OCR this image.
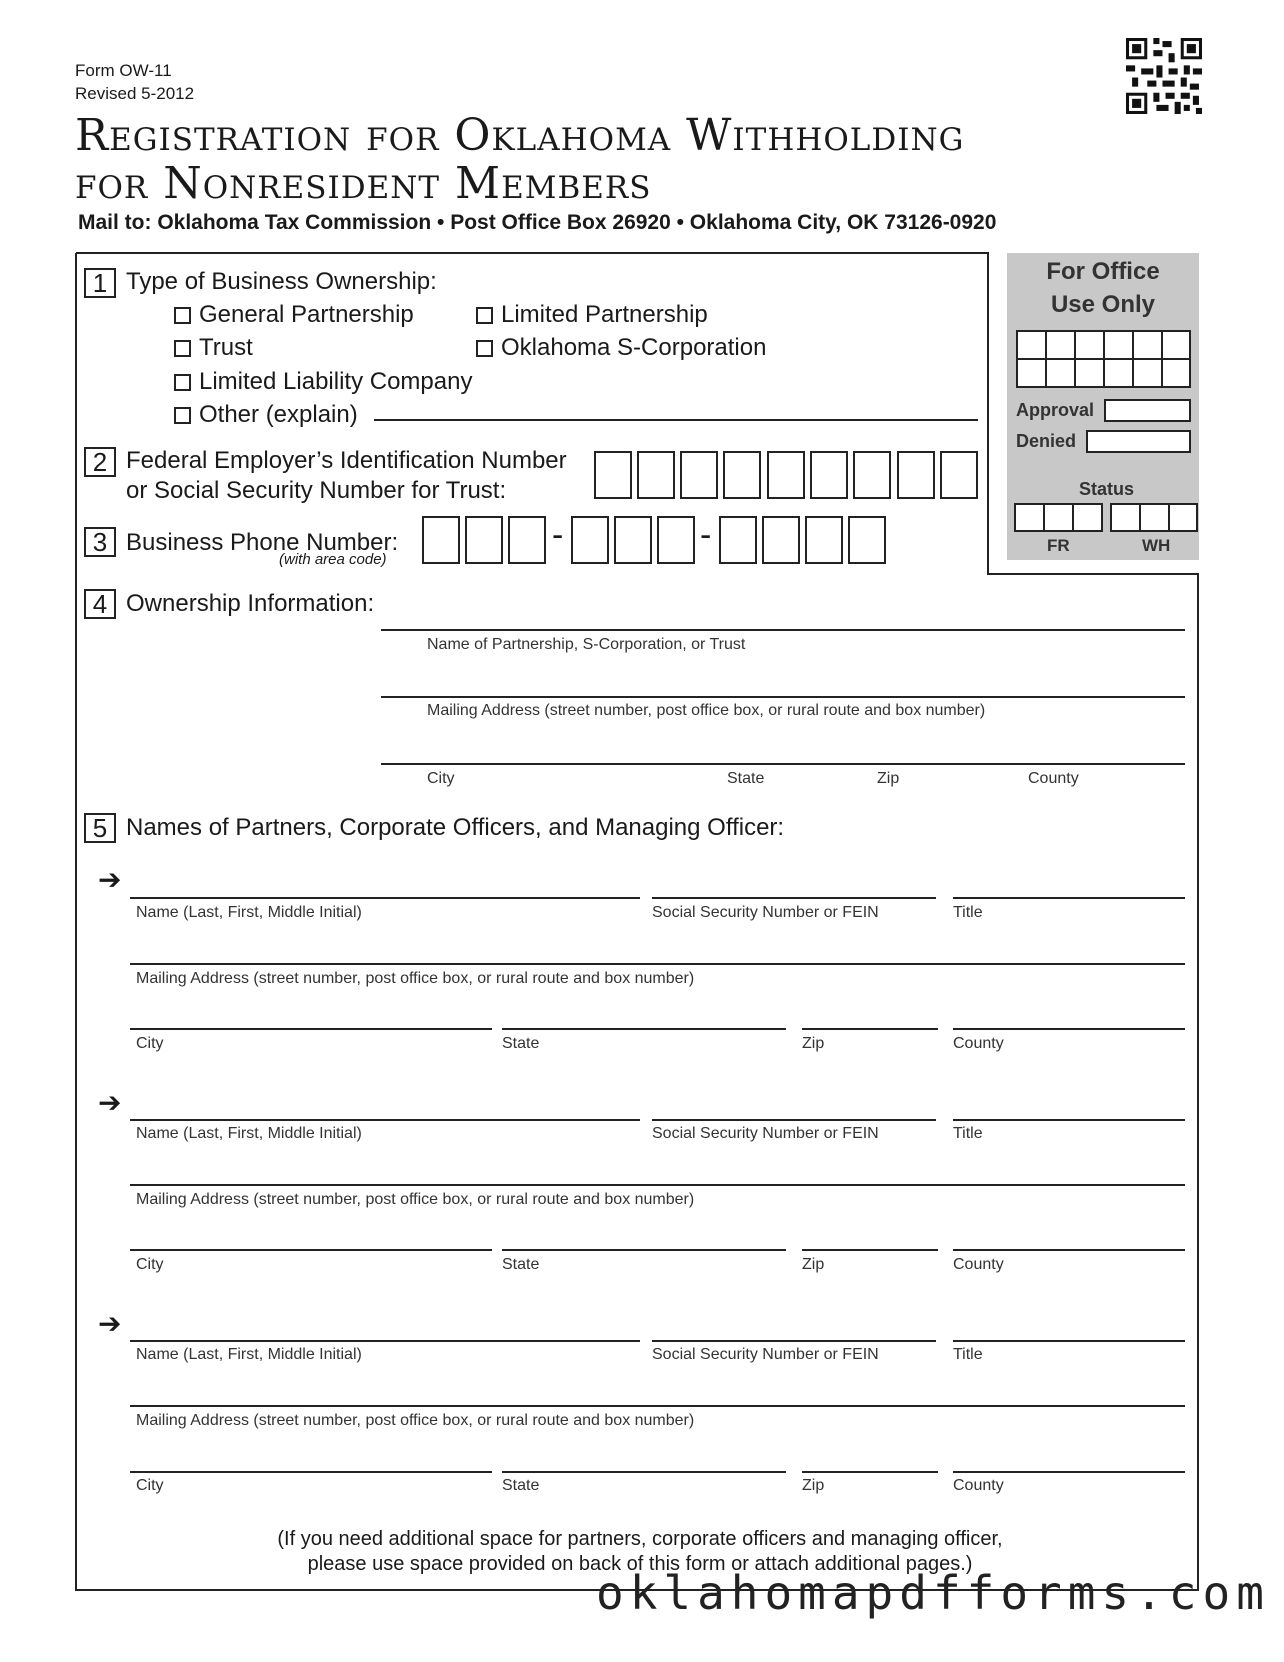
Form OW-11
Revised 5-2012
Registration for Oklahoma Withholding
for Nonresident Members
Mail to: Oklahoma Tax Commission • Post Office Box 26920 • Oklahoma City, OK 73126-0920
For Office
Use Only
Approval
Denied
Status
FR	WH
1 Type of Business Ownership:
General Partnership	Limited Partnership
Trust	Oklahoma S-Corporation
Limited Liability Company
Other (explain)
2 Federal Employer’s Identification Number
or Social Security Number for Trust:
3 Business Phone Number:
(with area code)
-	-
4 Ownership Information:
Name of Partnership, S-Corporation, or Trust
Mailing Address (street number, post office box, or rural route and box number)
City	State	Zip	County
5 Names of Partners, Corporate Officers, and Managing Officer:
➔
Name (Last, First, Middle Initial)	Social Security Number or FEIN	Title
Mailing Address (street number, post office box, or rural route and box number)
City	State	Zip	County
➔
Name (Last, First, Middle Initial)	Social Security Number or FEIN	Title
Mailing Address (street number, post office box, or rural route and box number)
City	State	Zip	County
➔
Name (Last, First, Middle Initial)	Social Security Number or FEIN	Title
Mailing Address (street number, post office box, or rural route and box number)
City	State	Zip	County
(If you need additional space for partners, corporate officers and managing officer,
please use space provided on back of this form or attach additional pages.)
oklahomapdfforms.com
